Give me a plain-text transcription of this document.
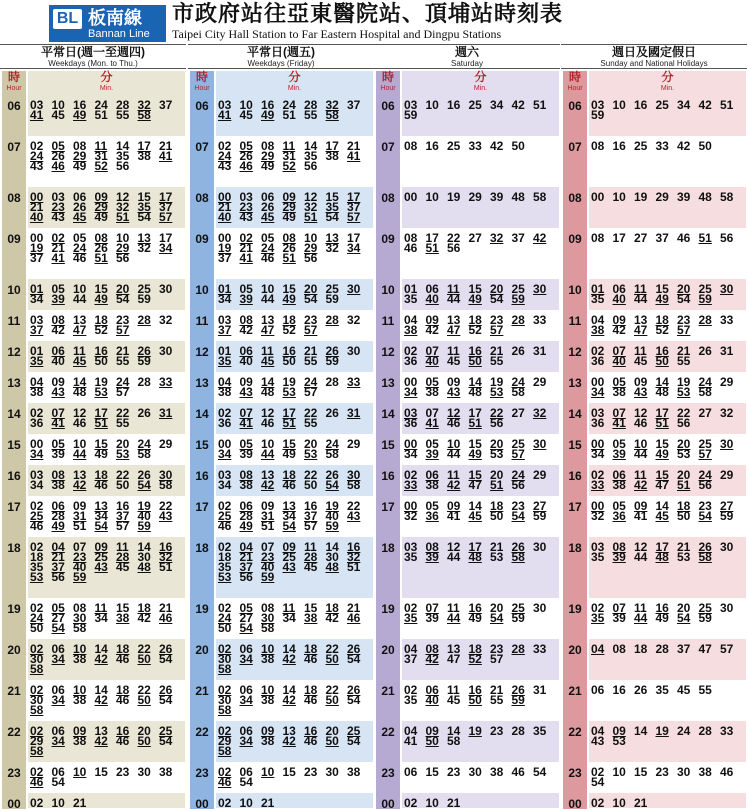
BL 板南線
Bannan Line
市政府站往亞東醫院站、頂埔站時刻表
Taipei City Hall Station to Far Eastern Hospital and Dingpu Stations
平常日(週一至週四)
Weekdays (Mon. to Thu.)
時
Hour
分
Min.
06 03 10 16 24 28 32 37
41 45 49 51 55 58
07 02 05 08 11 14 17 21
24 26 29 31 35 38 41
43 46 49 52 56
08 00 03 06 09 12 15 17
21 23 26 29 32 35 37
40 43 45 49 51 54 57
09 00 02 05 08 10 13 17
19 21 24 26 29 32 34
37 41 46 51 56
10 01 05 10 15 20 25 30
34 39 44 49 54 59
11 03 08 13 18 23 28 32
37 42 47 52 57
12 01 06 11 16 21 26 30
35 40 45 50 55 59
13 04 09 14 19 24 28 33
38 43 48 53 57
14 02 07 12 17 22 26 31
36 41 46 51 55
15 00 05 10 15 20 24 29
34 39 44 49 53 58
16 03 08 13 18 22 26 30
34 38 42 46 50 54 58
17 02 06 09 13 16 19 22
25 28 31 34 37 40 43
46 49 51 54 57 59
18 02 04 07 09 11 14 16
18 21 23 25 28 30 32
35 37 40 43 45 48 51
53 56 59
19 02 05 08 11 15 18 21
24 27 30 34 38 42 46
50 54 58
20 02 06 10 14 18 22 26
30 34 38 42 46 50 54
58
21 02 06 10 14 18 22 26
30 34 38 42 46 50 54
58
22 02 06 09 13 16 20 25
29 34 38 42 46 50 54
58
23 02 06 10 15 23 30 38
46 54
00 02 10 21
平常日(週五)
Weekdays (Friday)
時
Hour
分
Min.
06 03 10 16 24 28 32 37
41 45 49 51 55 58
07 02 05 08 11 14 17 21
24 26 29 31 35 38 41
43 46 49 52 56
08 00 03 06 09 12 15 17
21 23 26 29 32 35 37
40 43 45 49 51 54 57
09 00 02 05 08 10 13 17
19 21 24 26 29 32 34
37 41 46 51 56
10 01 05 10 15 20 25 30
34 39 44 49 54 59
11 03 08 13 18 23 28 32
37 42 47 52 57
12 01 06 11 16 21 26 30
35 40 45 50 55 59
13 04 09 14 19 24 28 33
38 43 48 53 57
14 02 07 12 17 22 26 31
36 41 46 51 55
15 00 05 10 15 20 24 29
34 39 44 49 53 58
16 03 08 13 18 22 26 30
34 38 42 46 50 54 58
17 02 06 09 13 16 19 22
25 28 31 34 37 40 43
46 49 51 54 57 59
18 02 04 07 09 11 14 16
18 21 23 25 28 30 32
35 37 40 43 45 48 51
53 56 59
19 02 05 08 11 15 18 21
24 27 30 34 38 42 46
50 54 58
20 02 06 10 14 18 22 26
30 34 38 42 46 50 54
58
21 02 06 10 14 18 22 26
30 34 38 42 46 50 54
58
22 02 06 09 13 16 20 25
29 34 38 42 46 50 54
58
23 02 06 10 15 23 30 38
46 54
00 02 10 21
週六
Saturday
時
Hour
分
Min.
06 03 10 16 25 34 42 51
59
07 08 16 25 33 42 50
08 00 10 19 29 39 48 58
09 08 17 22 27 32 37 42
46 51 56
10 01 06 11 15 20 25 30
35 40 44 49 54 59
11 04 09 13 18 23 28 33
38 42 47 52 57
12 02 07 11 16 21 26 31
36 40 45 50 55
13 00 05 09 14 19 24 29
34 38 43 48 53 58
14 03 07 12 17 22 27 32
36 41 46 51 56
15 00 05 10 15 20 25 30
34 39 44 49 53 57
16 02 06 11 15 20 24 29
33 38 42 47 51 56
17 00 05 09 14 18 23 27
32 36 41 45 50 54 59
18 03 08 12 17 21 26 30
35 39 44 48 53 58
19 02 07 11 16 20 25 30
35 39 44 49 54 59
20 04 08 13 18 23 28 33
37 42 47 52 57
21 02 06 11 16 21 26 31
35 40 45 50 55 59
22 04 09 14 19 23 28 35
41 50 58
23 06 15 23 30 38 46 54
00 02 10 21
週日及國定假日
Sunday and National Holidays
時
Hour
分
Min.
06 03 10 16 25 34 42 51
59
07 08 16 25 33 42 50
08 00 10 19 29 39 48 58
09 08 17 27 37 46 51 56
10 01 06 11 15 20 25 30
35 40 44 49 54 59
11 04 09 13 18 23 28 33
38 42 47 52 57
12 02 07 11 16 21 26 31
36 40 45 50 55
13 00 05 09 14 19 24 29
34 38 43 48 53 58
14 03 07 12 17 22 27 32
36 41 46 51 56
15 00 05 10 15 20 25 30
34 39 44 49 53 57
16 02 06 11 15 20 24 29
33 38 42 47 51 56
17 00 05 09 14 18 23 27
32 36 41 45 50 54 59
18 03 08 12 17 21 26 30
35 39 44 48 53 58
19 02 07 11 16 20 25 30
35 39 44 49 54 59
20 04 08 18 28 37 47 57
21 06 16 26 35 45 55
22 04 09 14 19 24 28 33
43 53
23 02 10 15 23 30 38 46
54
00 02 10 21
